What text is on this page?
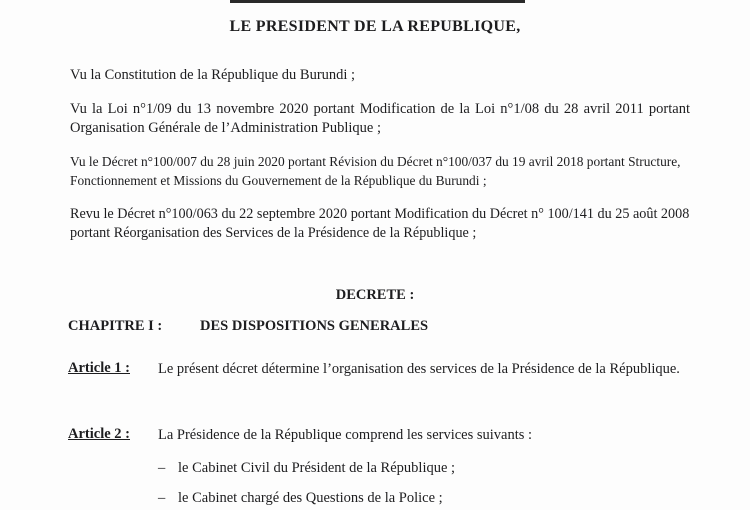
LE PRESIDENT DE LA REPUBLIQUE,
Vu la Constitution de la République du Burundi ;
Vu la Loi n°1/09 du 13 novembre 2020 portant Modification de la Loi n°1/08 du 28 avril 2011 portant Organisation Générale de l’Administration Publique ;
Vu le Décret n°100/007 du 28 juin 2020 portant Révision du Décret n°100/037 du 19 avril 2018 portant Structure, Fonctionnement et Missions du Gouvernement de la République du Burundi ;
Revu le Décret n°100/063 du 22 septembre 2020 portant Modification du Décret n° 100/141 du 25 août 2008 portant Réorganisation des Services de la Présidence de la République ;
DECRETE :
CHAPITRE I :	DES DISPOSITIONS GENERALES
Article 1 : Le présent décret détermine l’organisation des services de la Présidence de la République.
Article 2 : La Présidence de la République comprend les services suivants :
– le Cabinet Civil du Président de la République ;
– le Cabinet chargé des Questions de la Police ;
